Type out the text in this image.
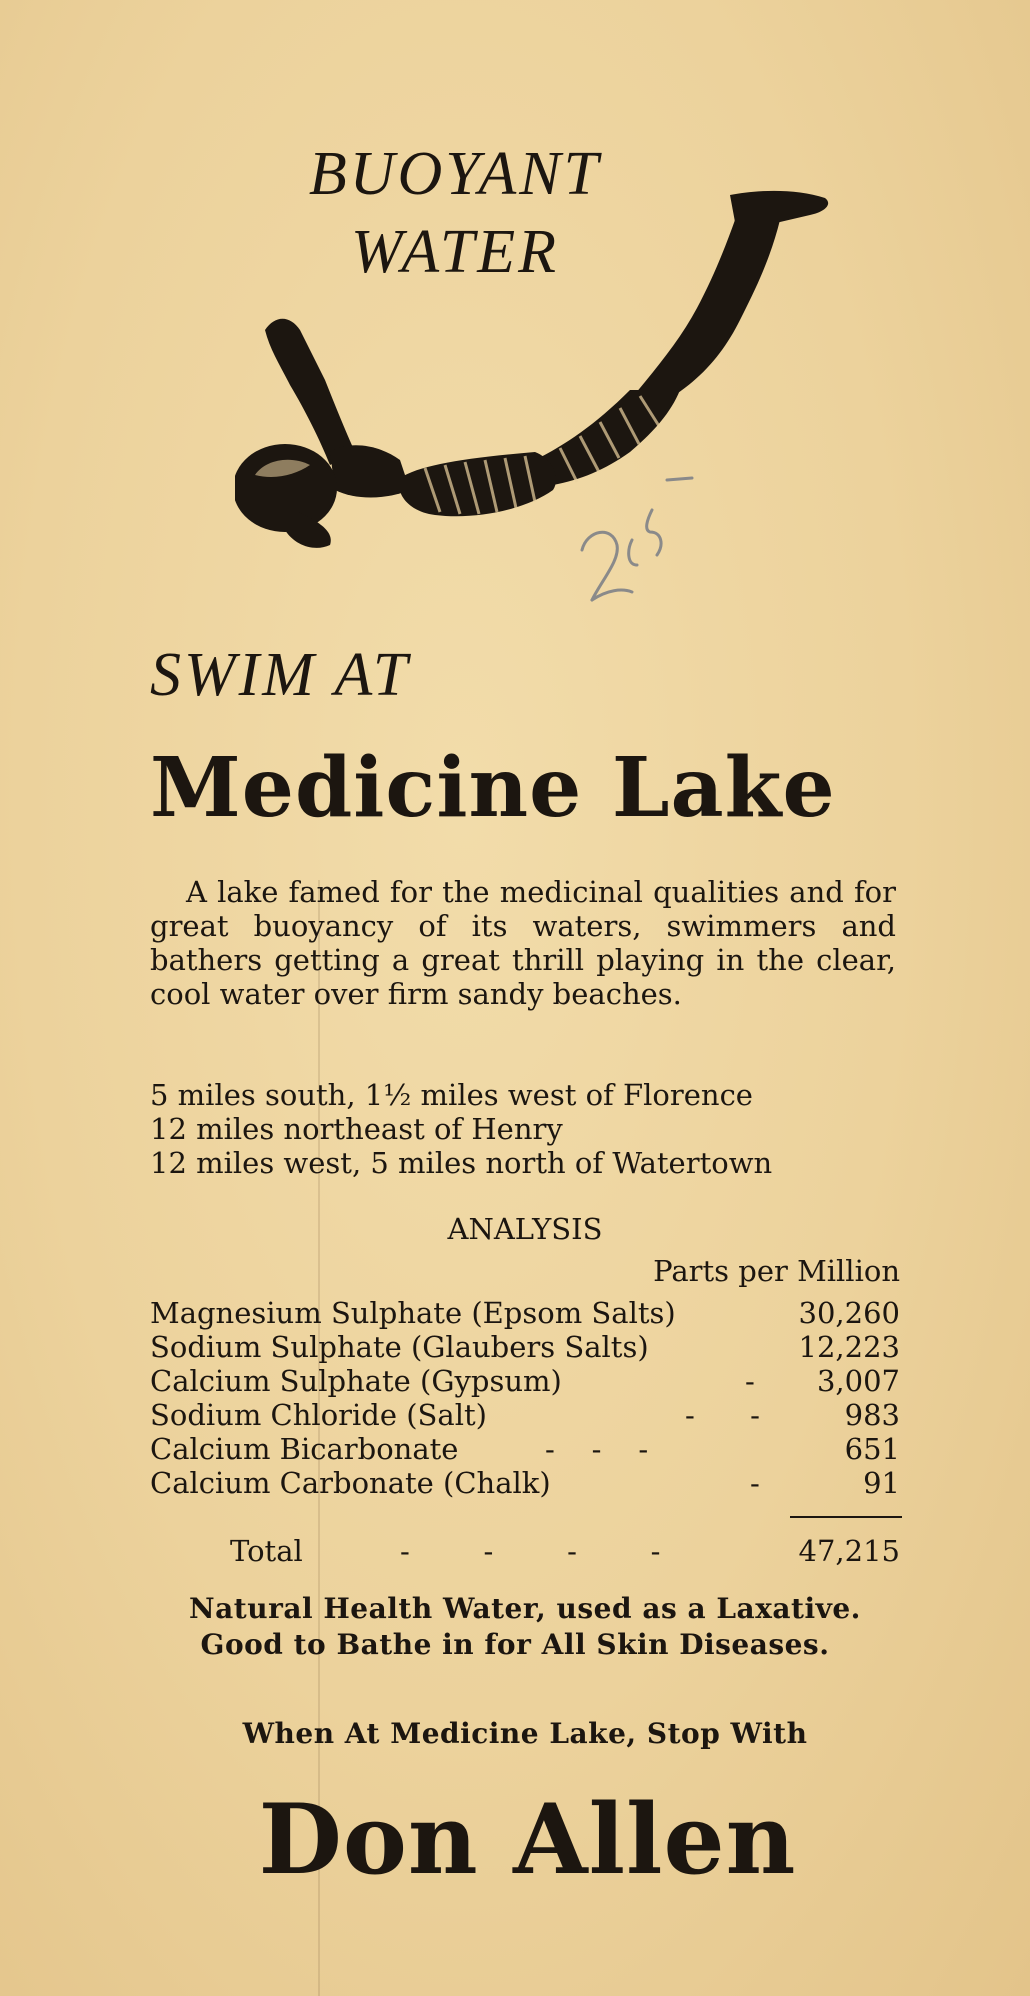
BUOYANT
WATER
SWIM AT
Medicine Lake

A lake famed for the medicinal qualities and for great buoyancy of its waters, swimmers and bathers getting a great thrill playing in the clear, cool water over firm sandy beaches.

5 miles south, 1½ miles west of Florence
12 miles northeast of Henry
12 miles west, 5 miles north of Watertown
ANALYSIS
Parts per Million
Magnesium Sulphate (Epsom Salts)	30,260
Sodium Sulphate (Glaubers Salts)	12,223
Calcium Sulphate (Gypsum)	- 3,007
Sodium Chloride (Salt)	-      -	983
Calcium Bicarbonate	-    -    -	651
Calcium Carbonate (Chalk)	-	91
Total	-        -        -        -	47,215
Natural Health Water, used as a Laxative.
Good to Bathe in for All Skin Diseases.
When At Medicine Lake, Stop With
Don Allen
